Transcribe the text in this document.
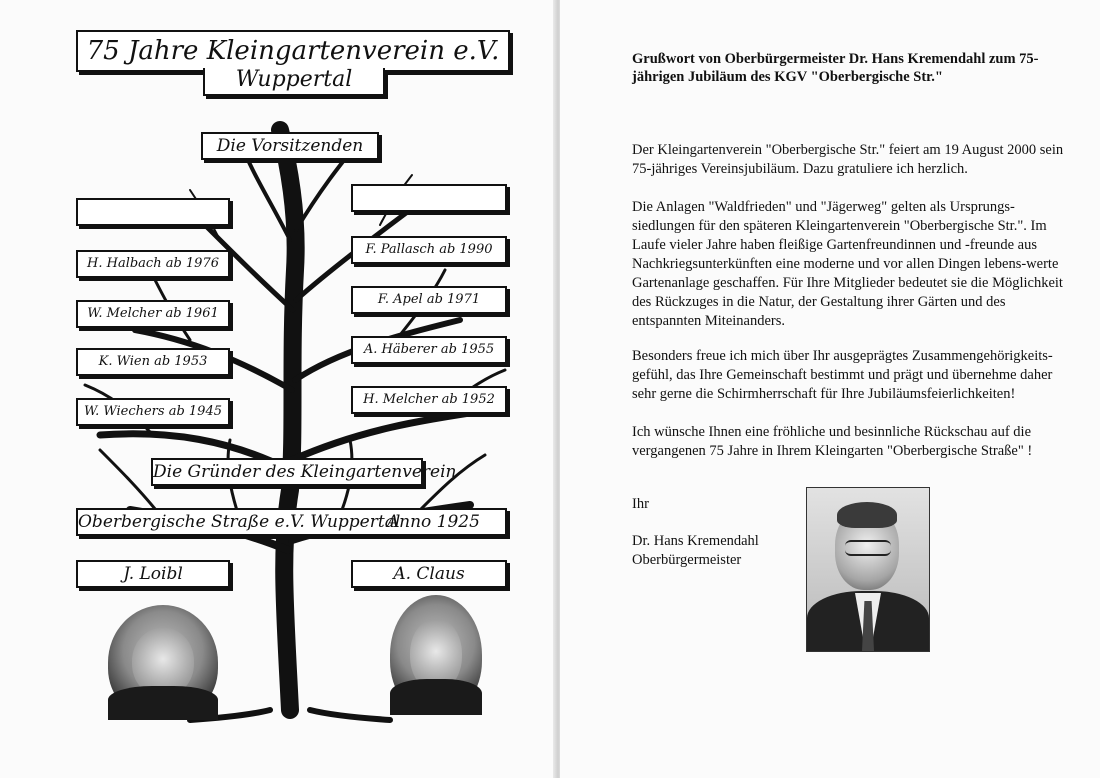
75 Jahre Kleingartenverein e.V.
Wuppertal
Die Vorsitzenden
H. Halbach ab 1976
W. Melcher ab 1961
K. Wien ab 1953
W. Wiechers ab 1945
F. Pallasch ab 1990
F. Apel ab 1971
A. Häberer ab 1955
H. Melcher ab 1952
Die Gründer des Kleingartenverein
Oberbergische Straße e.V. Wuppertal Anno 1925
J. Loibl	A. Claus
Grußwort von Oberbürgermeister Dr. Hans Kremendahl zum 75-jährigen Jubiläum des KGV "Oberbergische Str."

Der Kleingartenverein "Oberbergische Str." feiert am 19 August 2000 sein 75-jähriges Vereinsjubiläum. Dazu gratuliere ich herzlich.

Die Anlagen "Waldfrieden" und "Jägerweg" gelten als Ursprungs-siedlungen für den späteren Kleingartenverein "Oberbergische Str.". Im Laufe vieler Jahre haben fleißige Gartenfreundinnen und -freunde aus Nachkriegsunterkünften eine moderne und vor allen Dingen lebens-werte Gartenanlage geschaffen. Für Ihre Mitglieder bedeutet sie die Möglichkeit des Rückzuges in die Natur, der Gestaltung ihrer Gärten und des entspannten Miteinanders.

Besonders freue ich mich über Ihr ausgeprägtes Zusammengehörigkeits-gefühl, das Ihre Gemeinschaft bestimmt und prägt und übernehme daher sehr gerne die Schirmherrschaft für Ihre Jubiläumsfeierlichkeiten!

Ich wünsche Ihnen eine fröhliche und besinnliche Rückschau auf die vergangenen 75 Jahre in Ihrem Kleingarten "Oberbergische Straße" !

Ihr
Dr. Hans Kremendahl
Oberbürgermeister
